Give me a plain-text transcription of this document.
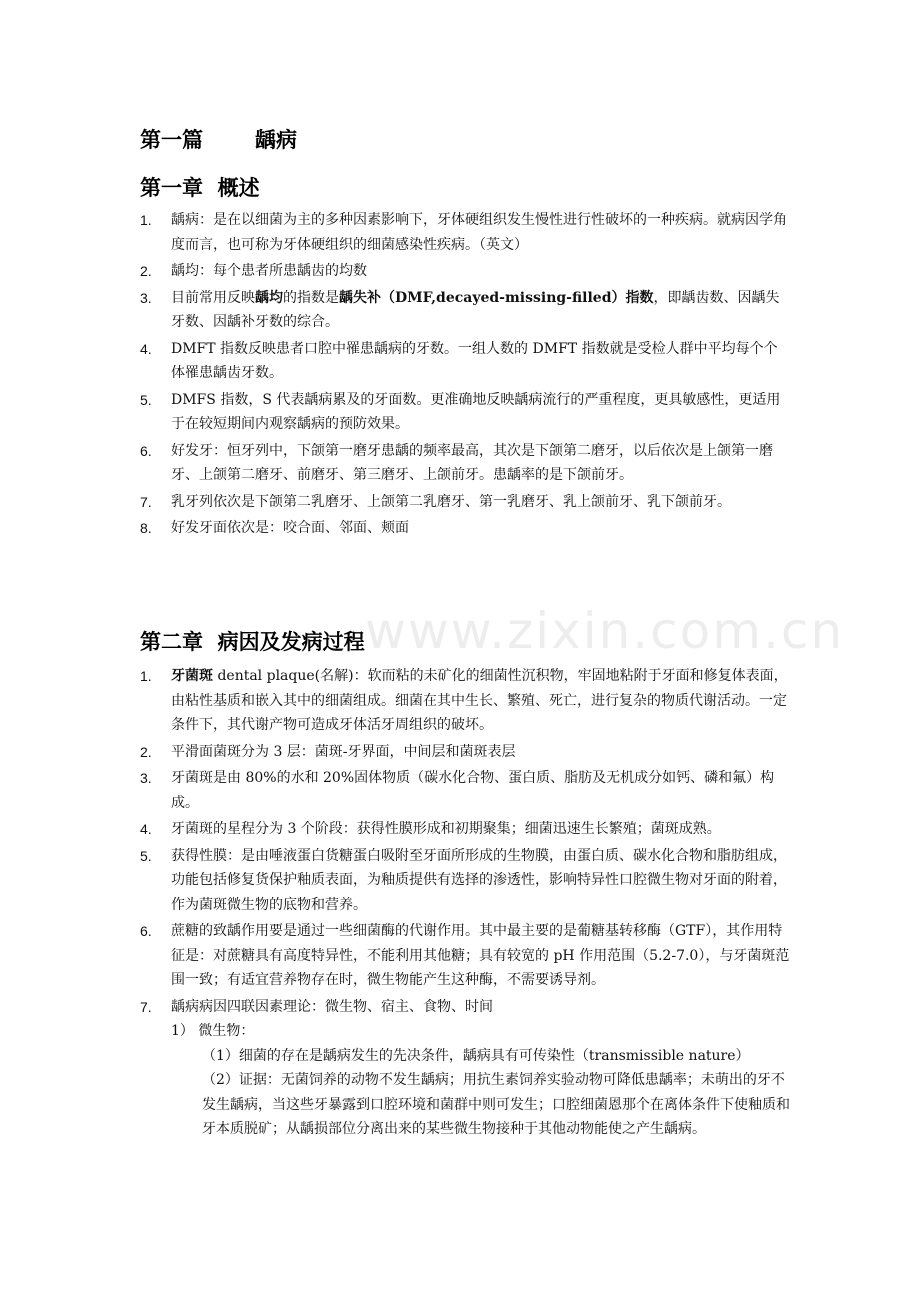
第一篇 龋病
第一章  概述
1. 龋病：是在以细菌为主的多种因素影响下，牙体硬组织发生慢性进行性破坏的一种疾病。就病因学角度而言，也可称为牙体硬组织的细菌感染性疾病。（英文）
2. 龋均：每个患者所患龋齿的均数
3. 目前常用反映龋均的指数是龋失补（DMF,decayed-missing-filled）指数，即龋齿数、因龋失牙数、因龋补牙数的综合。
4. DMFT 指数反映患者口腔中罹患龋病的牙数。一组人数的 DMFT 指数就是受检人群中平均每个个体罹患龋齿牙数。
5. DMFS 指数，S 代表龋病累及的牙面数。更准确地反映龋病流行的严重程度，更具敏感性，更适用于在较短期间内观察龋病的预防效果。
6. 好发牙：恒牙列中，下颌第一磨牙患龋的频率最高，其次是下颌第二磨牙，以后依次是上颌第一磨牙、上颌第二磨牙、前磨牙、第三磨牙、上颌前牙。患龋率的是下颌前牙。
7. 乳牙列依次是下颌第二乳磨牙、上颌第二乳磨牙、第一乳磨牙、乳上颌前牙、乳下颌前牙。
8. 好发牙面依次是：咬合面、邻面、颊面
www.zixin.com.cn
第二章  病因及发病过程
1. 牙菌斑 dental plaque(名解)：软而粘的未矿化的细菌性沉积物，牢固地粘附于牙面和修复体表面，由粘性基质和嵌入其中的细菌组成。细菌在其中生长、繁殖、死亡，进行复杂的物质代谢活动。一定条件下，其代谢产物可造成牙体活牙周组织的破坏。
2. 平滑面菌斑分为 3 层：菌斑-牙界面，中间层和菌斑表层
3. 牙菌斑是由 80%的水和 20%固体物质（碳水化合物、蛋白质、脂肪及无机成分如钙、磷和氟）构成。
4. 牙菌斑的星程分为 3 个阶段：获得性膜形成和初期聚集；细菌迅速生长繁殖；菌斑成熟。
5. 获得性膜：是由唾液蛋白货糖蛋白吸附至牙面所形成的生物膜，由蛋白质、碳水化合物和脂肪组成，功能包括修复货保护釉质表面，为釉质提供有选择的渗透性，影响特异性口腔微生物对牙面的附着，作为菌斑微生物的底物和营养。
6. 蔗糖的致龋作用要是通过一些细菌酶的代谢作用。其中最主要的是葡糖基转移酶（GTF），其作用特征是：对蔗糖具有高度特异性，不能利用其他糖；具有较宽的 pH 作用范围（5.2-7.0），与牙菌斑范围一致；有适宜营养物存在时，微生物能产生这种酶，不需要诱导剂。
7. 龋病病因四联因素理论：微生物、宿主、食物、时间
1） 微生物：
（1）细菌的存在是龋病发生的先决条件，龋病具有可传染性（transmissible nature）
（2）证据：无菌饲养的动物不发生龋病；用抗生素饲养实验动物可降低患龋率；未萌出的牙不发生龋病，当这些牙暴露到口腔环境和菌群中则可发生；口腔细菌恩那个在离体条件下使釉质和牙本质脱矿；从龋损部位分离出来的某些微生物接种于其他动物能使之产生龋病。
